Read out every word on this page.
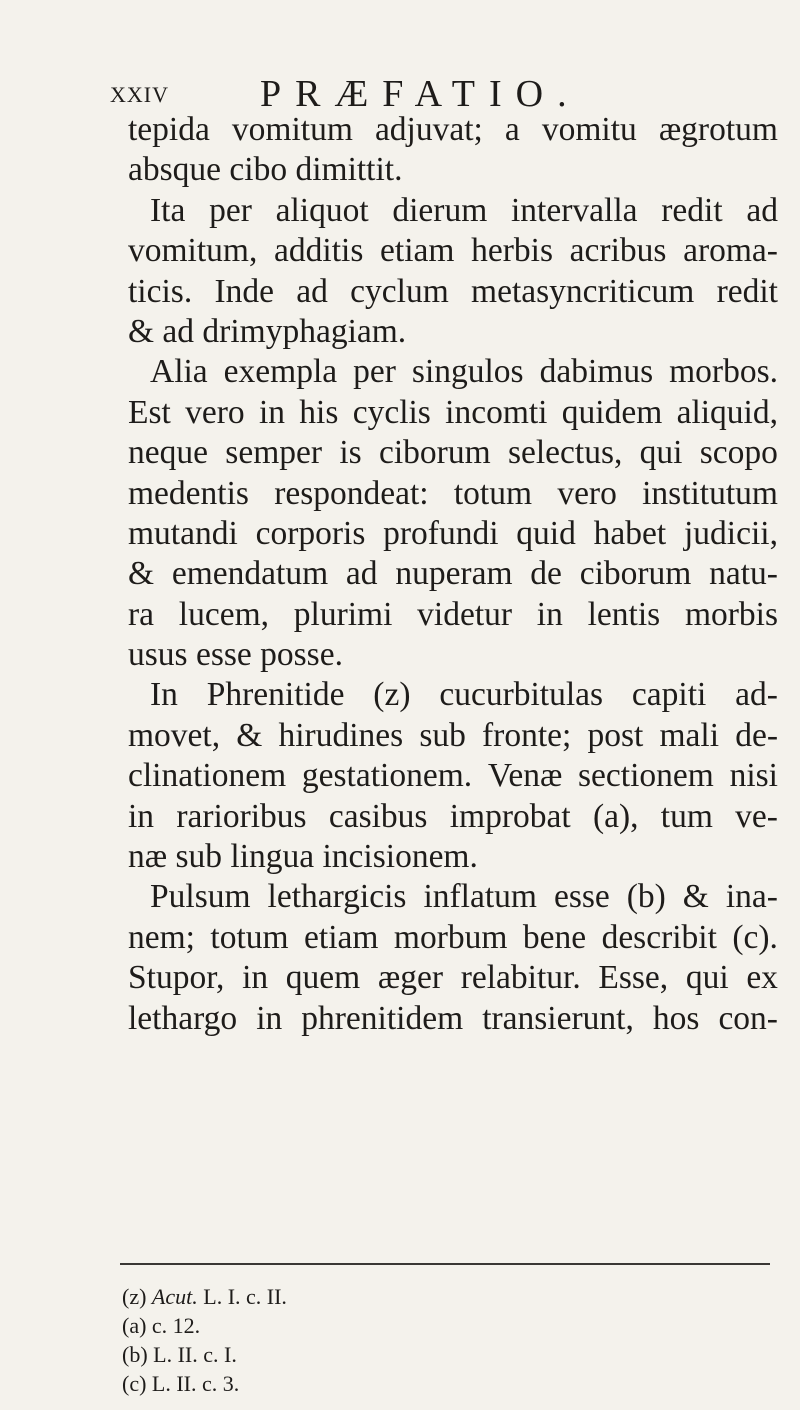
XXIV PRÆFATIO.
tepida vomitum adjuvat; a vomitu ægrotum
absque cibo dimittit.
Ita per aliquot dierum intervalla redit ad
vomitum, additis etiam herbis acribus aroma-
ticis. Inde ad cyclum metasyncriticum redit
& ad drimyphagiam.
Alia exempla per singulos dabimus morbos.
Est vero in his cyclis incomti quidem aliquid,
neque semper is ciborum selectus, qui scopo
medentis respondeat: totum vero institutum
mutandi corporis profundi quid habet judicii,
& emendatum ad nuperam de ciborum natu-
ra lucem, plurimi videtur in lentis morbis
usus esse posse.
In Phrenitide (z) cucurbitulas capiti ad-
movet, & hirudines sub fronte; post mali de-
clinationem gestationem. Venæ sectionem nisi
in rarioribus casibus improbat (a), tum ve-
næ sub lingua incisionem.
Pulsum lethargicis inflatum esse (b) & ina-
nem; totum etiam morbum bene describit (c).
Stupor, in quem æger relabitur. Esse, qui ex
lethargo in phrenitidem transierunt, hos con-
(z) Acut. L. I. c. II.
(a) c. 12.
(b) L. II. c. I.
(c) L. II. c. 3.
